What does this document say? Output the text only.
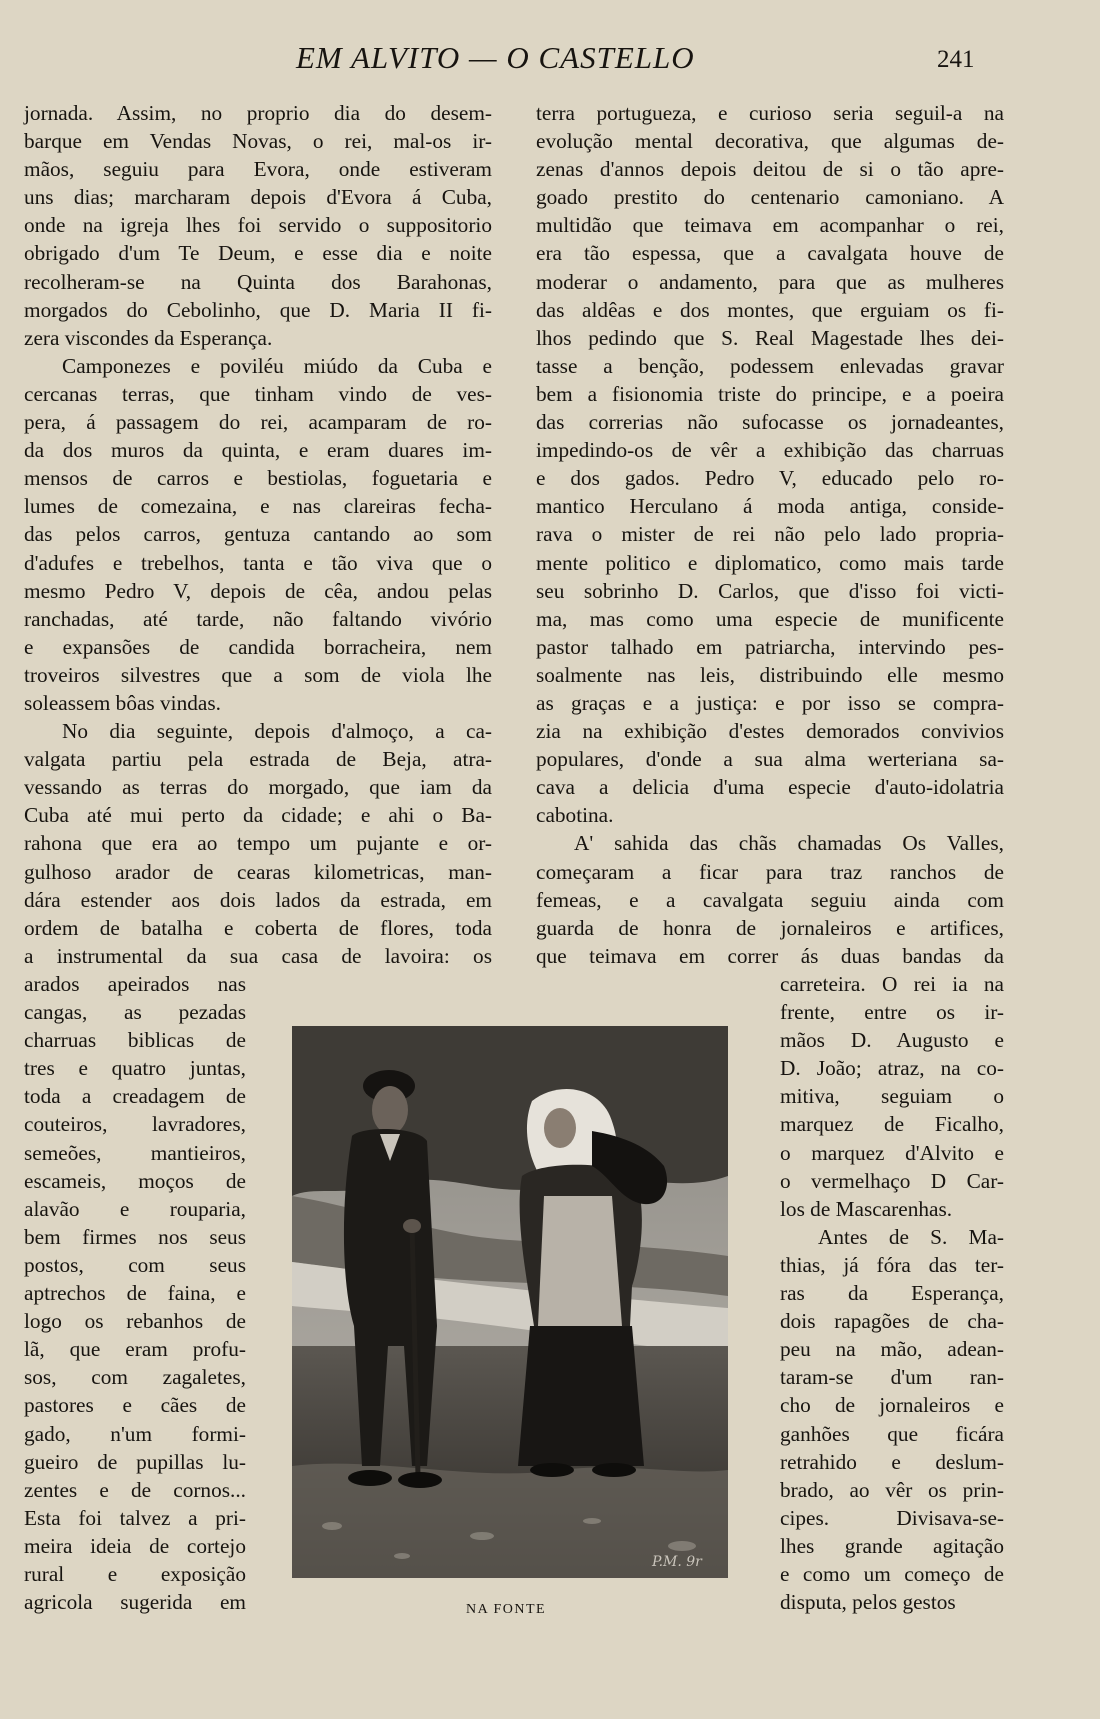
EM ALVITO — O CASTELLO	241
jornada. Assim, no proprio dia do desem-
barque em Vendas Novas, o rei, mal-os ir-
mãos, seguiu para Evora, onde estiveram
uns dias; marcharam depois d'Evora á Cuba,
onde na igreja lhes foi servido o suppositorio
obrigado d'um Te Deum, e esse dia e noite
recolheram-se na Quinta dos Barahonas,
morgados do Cebolinho, que D. Maria II fi-
zera viscondes da Esperança.
Camponezes e poviléu miúdo da Cuba e
cercanas terras, que tinham vindo de ves-
pera, á passagem do rei, acamparam de ro-
da dos muros da quinta, e eram duares im-
mensos de carros e bestiolas, foguetaria e
lumes de comezaina, e nas clareiras fecha-
das pelos carros, gentuza cantando ao som
d'adufes e trebelhos, tanta e tão viva que o
mesmo Pedro V, depois de cêa, andou pelas
ranchadas, até tarde, não faltando vivório
e expansões de candida borracheira, nem
troveiros silvestres que a som de viola lhe
soleassem bôas vindas.
No dia seguinte, depois d'almoço, a ca-
valgata partiu pela estrada de Beja, atra-
vessando as terras do morgado, que iam da
Cuba até mui perto da cidade; e ahi o Ba-
rahona que era ao tempo um pujante e or-
gulhoso arador de cearas kilometricas, man-
dára estender aos dois lados da estrada, em
ordem de batalha e coberta de flores, toda
a instrumental da sua casa de lavoira: os
terra portugueza, e curioso seria seguil-a na
evolução mental decorativa, que algumas de-
zenas d'annos depois deitou de si o tão apre-
goado prestito do centenario camoniano. A
multidão que teimava em acompanhar o rei,
era tão espessa, que a cavalgata houve de
moderar o andamento, para que as mulheres
das aldêas e dos montes, que erguiam os fi-
lhos pedindo que S. Real Magestade lhes dei-
tasse a benção, podessem enlevadas gravar
bem a fisionomia triste do principe, e a poeira
das correrias não sufocasse os jornadeantes,
impedindo-os de vêr a exhibição das charruas
e dos gados. Pedro V, educado pelo ro-
mantico Herculano á moda antiga, conside-
rava o mister de rei não pelo lado propria-
mente politico e diplomatico, como mais tarde
seu sobrinho D. Carlos, que d'isso foi victi-
ma, mas como uma especie de munificente
pastor talhado em patriarcha, intervindo pes-
soalmente nas leis, distribuindo elle mesmo
as graças e a justiça: e por isso se compra-
zia na exhibição d'estes demorados convivios
populares, d'onde a sua alma werteriana sa-
cava a delicia d'uma especie d'auto-idolatria
cabotina.
A' sahida das chãs chamadas Os Valles,
começaram a ficar para traz ranchos de
femeas, e a cavalgata seguiu ainda com
guarda de honra de jornaleiros e artifices,
que teimava em correr ás duas bandas da
arados apeirados nas
cangas, as pezadas
charruas biblicas de
tres e quatro juntas,
toda a creadagem de
couteiros, lavradores,
semeões, mantieiros,
escameis, moços de
alavão e rouparia,
bem firmes nos seus
postos, com seus
aptrechos de faina, e
logo os rebanhos de
lã, que eram profu-
sos, com zagaletes,
pastores e cães de
gado, n'um formi-
gueiro de pupillas lu-
zentes e de cornos...
Esta foi talvez a pri-
meira ideia de cortejo
rural e exposição
agricola sugerida em
carreteira. O rei ia na
frente, entre os ir-
mãos D. Augusto e
D. João; atraz, na co-
mitiva, seguiam o
marquez de Ficalho,
o marquez d'Alvito e
o vermelhaço D Car-
los de Mascarenhas.
Antes de S. Ma-
thias, já fóra das ter-
ras da Esperança,
dois rapagões de cha-
peu na mão, adean-
taram-se d'um ran-
cho de jornaleiros e
ganhões que ficára
retrahido e deslum-
brado, ao vêr os prin-
cipes. Divisava-se-
lhes grande agitação
e como um começo de
disputa, pelos gestos
P.M. 9r
NA FONTE
